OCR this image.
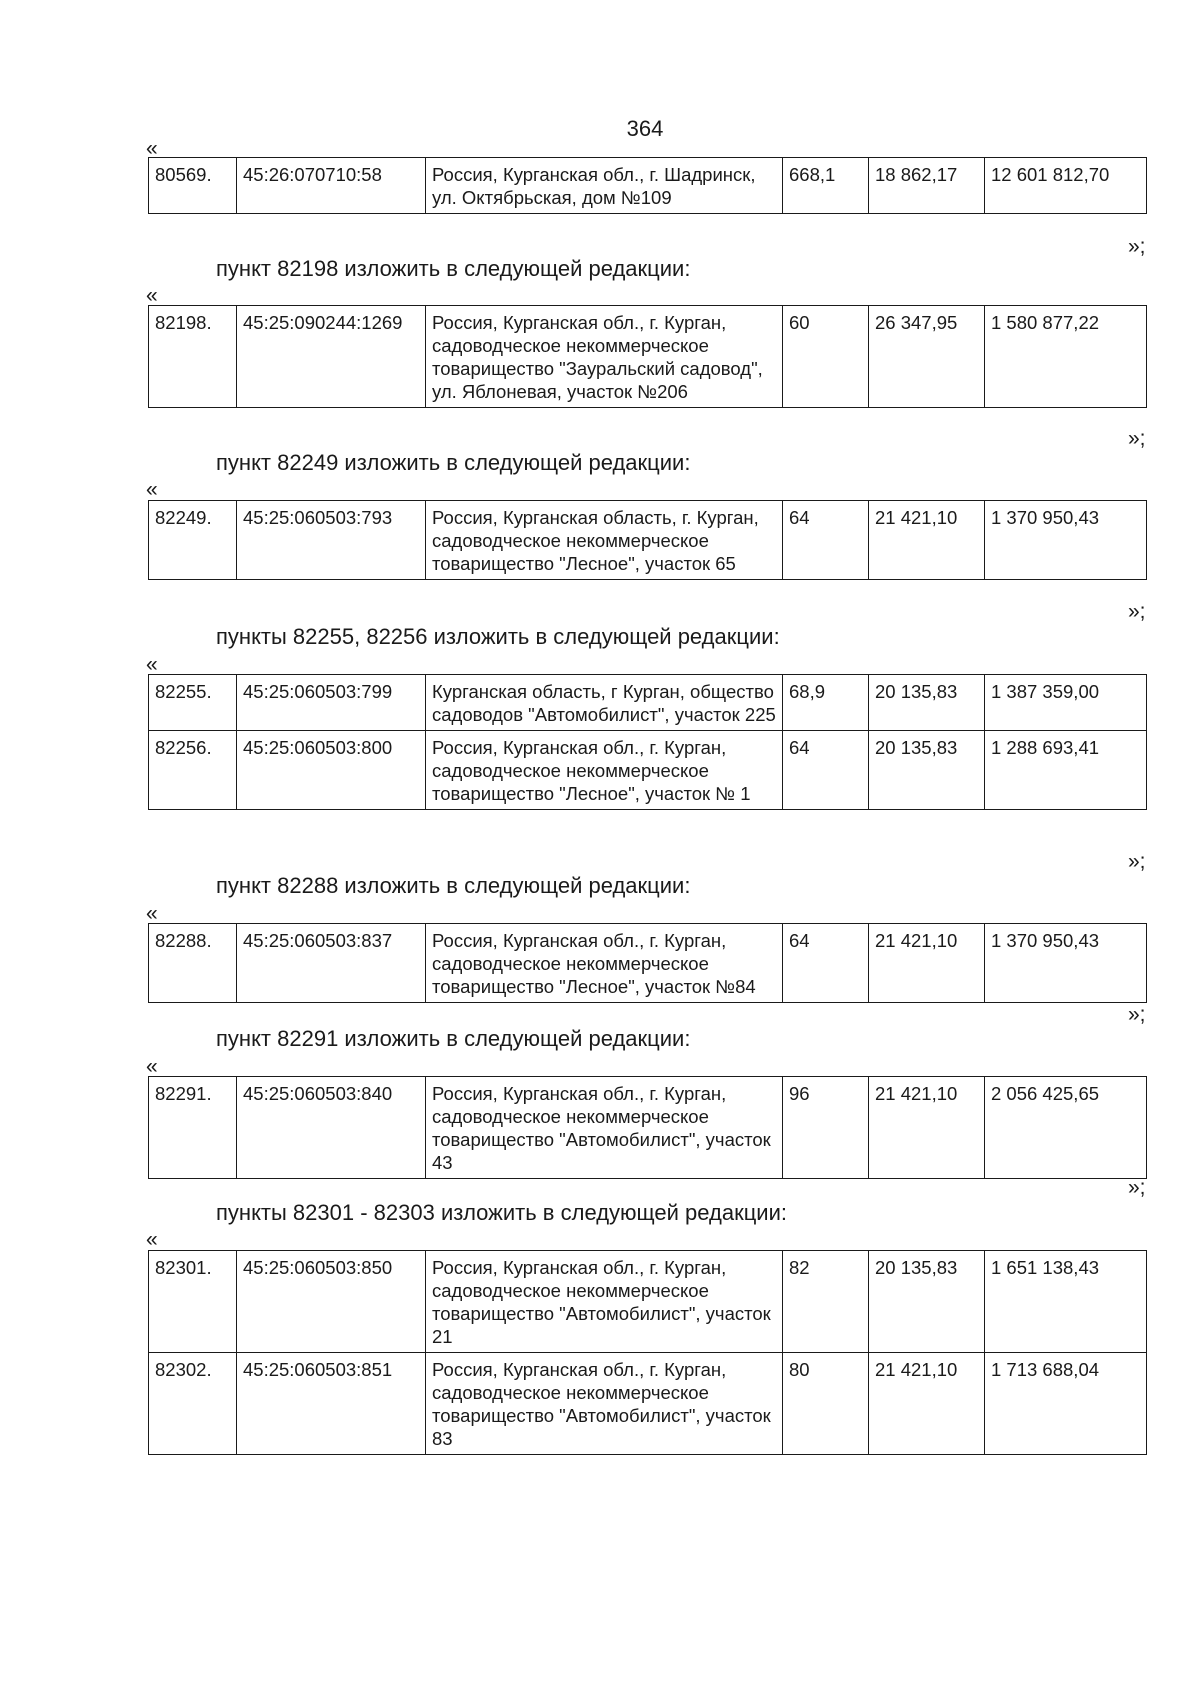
364
«
80569.	45:26:070710:58	Россия, Курганская обл., г. Шадринск, ул. Октябрьская, дом №109	668,1	18 862,17	12 601 812,70
»;
пункт 82198 изложить в следующей редакции:
«
82198.	45:25:090244:1269	Россия, Курганская обл., г. Курган, садоводческое некоммерческое товарищество "Зауральский садовод", ул. Яблоневая, участок №206	60	26 347,95	1 580 877,22
»;
пункт 82249 изложить в следующей редакции:
«
82249.	45:25:060503:793	Россия, Курганская область, г. Курган, садоводческое некоммерческое товарищество "Лесное", участок 65	64	21 421,10	1 370 950,43
»;
пункты 82255, 82256 изложить в следующей редакции:
«
82255.	45:25:060503:799	Курганская область, г Курган, общество садоводов "Автомобилист", участок 225	68,9	20 135,83	1 387 359,00
82256.	45:25:060503:800	Россия, Курганская обл., г. Курган, садоводческое некоммерческое товарищество "Лесное", участок № 1	64	20 135,83	1 288 693,41
»;
пункт 82288 изложить в следующей редакции:
«
82288.	45:25:060503:837	Россия, Курганская обл., г. Курган, садоводческое некоммерческое товарищество "Лесное", участок №84	64	21 421,10	1 370 950,43
»;
пункт 82291 изложить в следующей редакции:
«
82291.	45:25:060503:840	Россия, Курганская обл., г. Курган, садоводческое некоммерческое товарищество "Автомобилист", участок 43	96	21 421,10	2 056 425,65
»;
пункты 82301 - 82303 изложить в следующей редакции:
«
82301.	45:25:060503:850	Россия, Курганская обл., г. Курган, садоводческое некоммерческое товарищество "Автомобилист", участок 21	82	20 135,83	1 651 138,43
82302.	45:25:060503:851	Россия, Курганская обл., г. Курган, садоводческое некоммерческое товарищество "Автомобилист", участок 83	80	21 421,10	1 713 688,04
